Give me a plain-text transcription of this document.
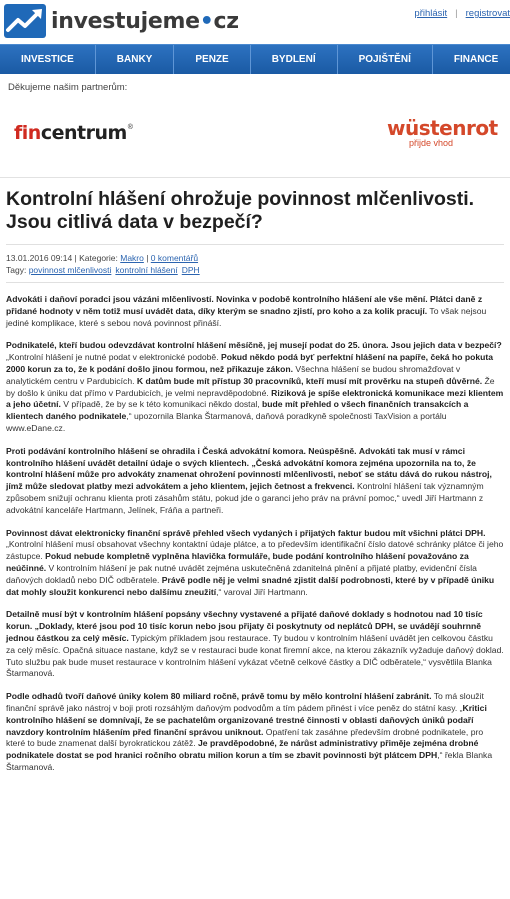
investujeme•cz	přihlásit | registrovat
INVESTICE	BANKY	PENZE	BYDLENÍ	POJIŠTĚNÍ	FINANCE
Děkujeme našim partnerům:
fin centrum ®	wüstenrot
přijde vhod
Kontrolní hlášení ohrožuje povinnost mlčenlivosti. Jsou citlivá data v bezpečí?
13.01.2016 09:14 | Kategorie: Makro | 0 komentářů
Tagy: povinnost mlčenlivosti kontrolní hlášení DPH

Advokáti i daňoví poradci jsou vázáni mlčenlivostí. Novinka v podobě kontrolního hlášení ale vše mění. Plátci daně z přidané hodnoty v něm totiž musí uvádět data, díky kterým se snadno zjistí, pro koho a za kolik pracují. To však nejsou jediné komplikace, které s sebou nová povinnost přináší.

Podnikatelé, kteří budou odevzdávat kontrolní hlášení měsíčně, jej musejí podat do 25. února. Jsou jejich data v bezpečí? „Kontrolní hlášení je nutné podat v elektronické podobě. Pokud někdo podá byť perfektní hlášení na papíře, čeká ho pokuta 2000 korun za to, že k podání došlo jinou formou, než přikazuje zákon. Všechna hlášení se budou shromažďovat v analytickém centru v Pardubicích. K datům bude mít přístup 30 pracovníků, kteří musí mít prověrku na stupeň důvěrné. Že by došlo k úniku dat přímo v Pardubicích, je velmi nepravděpodobné. Riziková je spíše elektronická komunikace mezi klientem a jeho účetní. V případě, že by se k této komunikaci někdo dostal, bude mít přehled o všech finančních transakcích a klientech daného podnikatele,“ upozornila Blanka Štarmanová, daňová poradkyně společnosti TaxVision a portálu www.eDane.cz.

Proti podávání kontrolního hlášení se ohradila i Česká advokátní komora. Neúspěšně. Advokáti tak musí v rámci kontrolního hlášení uvádět detailní údaje o svých klientech. „Česká advokátní komora zejména upozornila na to, že kontrolní hlášení může pro advokáty znamenat ohrožení povinnosti mlčenlivosti, neboť se státu dává do rukou nástroj, jímž může sledovat platby mezi advokátem a jeho klientem, jejich četnost a frekvenci. Kontrolní hlášení tak významným způsobem snižují ochranu klienta proti zásahům státu, pokud jde o garanci jeho práv na právní pomoc,“ uvedl Jiří Hartmann z advokátní kanceláře Hartmann, Jelínek, Fráňa a partneři.

Povinnost dávat elektronicky finanční správě přehled všech vydaných i přijatých faktur budou mít všichni plátci DPH. „Kontrolní hlášení musí obsahovat všechny kontaktní údaje plátce, a to především identifikační číslo datové schránky plátce či jeho zástupce. Pokud nebude kompletně vyplněna hlavička formuláře, bude podání kontrolního hlášení považováno za neúčinné. V kontrolním hlášení je pak nutné uvádět zejména uskutečněná zdanitelná plnění a přijaté platby, evidenční čísla daňových dokladů nebo DIČ odběratele. Právě podle něj je velmi snadné zjistit další podrobnosti, které by v případě úniku dat mohly sloužit konkurenci nebo dalšímu zneužití,“ varoval Jiří Hartmann.

Detailně musí být v kontrolním hlášení popsány všechny vystavené a přijaté daňové doklady s hodnotou nad 10 tisíc korun. „Doklady, které jsou pod 10 tisíc korun nebo jsou přijaty či poskytnuty od neplátců DPH, se uvádějí souhrnně jednou částkou za celý měsíc. Typickým příkladem jsou restaurace. Ty budou v kontrolním hlášení uvádět jen celkovou částku za celý měsíc. Opačná situace nastane, když se v restauraci bude konat firemní akce, na kterou zákazník vyžaduje daňový doklad. Tuto službu pak bude muset restaurace v kontrolním hlášení vykázat včetně celkové částky a DIČ odběratele,“ vysvětlila Blanka Štarmanová.

Podle odhadů tvoří daňové úniky kolem 80 miliard ročně, právě tomu by mělo kontrolní hlášení zabránit. To má sloužit finanční správě jako nástroj v boji proti rozsáhlým daňovým podvodům a tím pádem přinést i více peněz do státní kasy. „Kritici kontrolního hlášení se domnívají, že se pachatelům organizované trestné činnosti v oblasti daňových úniků podaří navzdory kontrolním hlášením před finanční správou uniknout. Opatření tak zasáhne především drobné podnikatele, pro které to bude znamenat další byrokratickou zátěž. Je pravděpodobné, že nárůst administrativy přiměje zejména drobné podnikatele dostat se pod hranici ročního obratu milion korun a tím se zbavit povinnosti být plátcem DPH,“ řekla Blanka Štarmanová.
